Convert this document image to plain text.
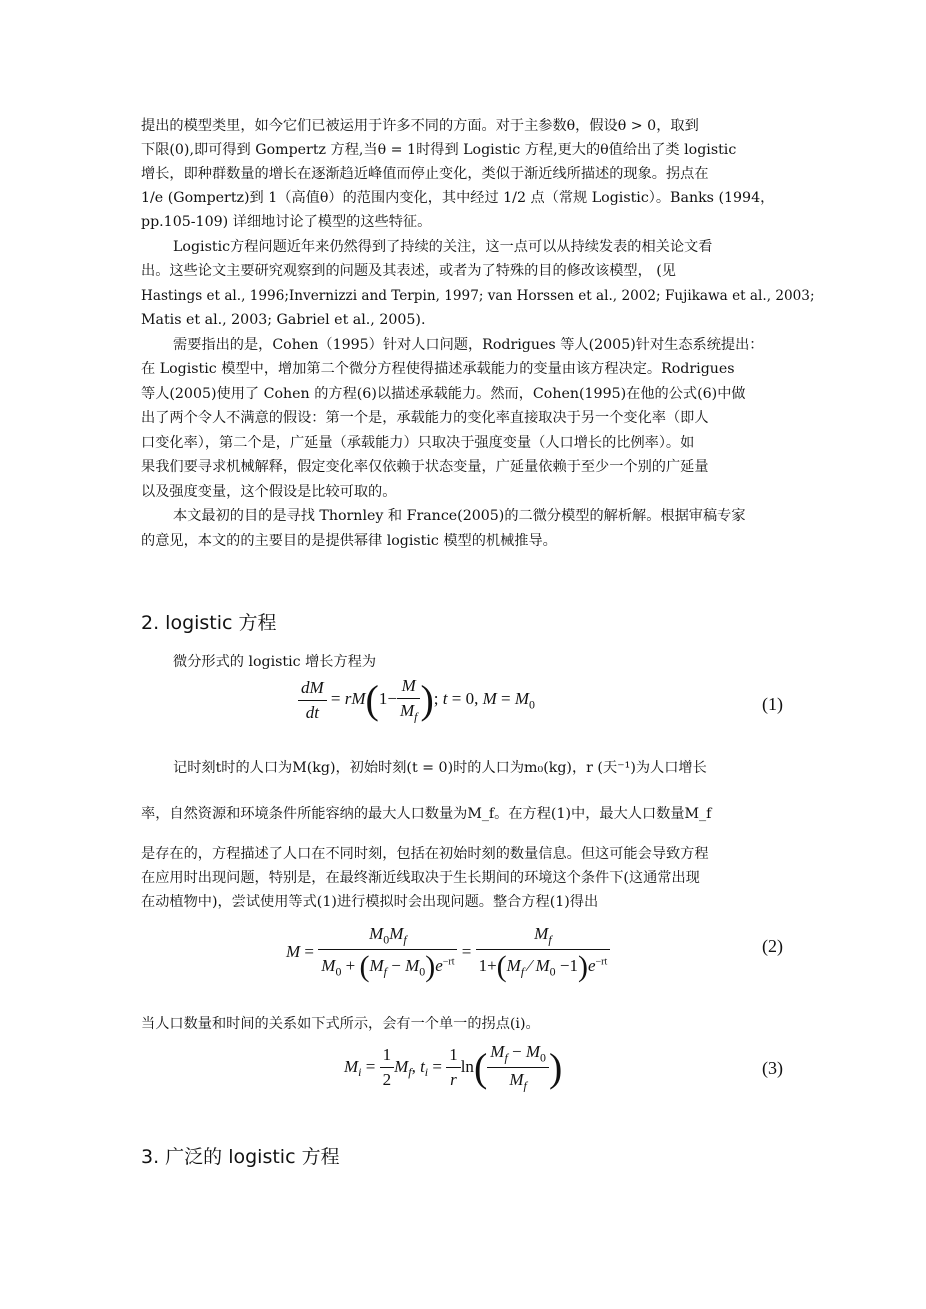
提出的模型类里，如今它们已被运用于许多不同的方面。对于主参数θ，假设θ > 0，取到

下限(0),即可得到 Gompertz 方程,当θ = 1时得到 Logistic 方程,更大的θ值给出了类 logistic

增长，即种群数量的增长在逐渐趋近峰值而停止变化，类似于渐近线所描述的现象。拐点在

1/e (Gompertz)到 1（高值θ）的范围内变化，其中经过 1/2 点（常规 Logistic）。Banks (1994，

pp.105-109) 详细地讨论了模型的这些特征。

Logistic方程问题近年来仍然得到了持续的关注，这一点可以从持续发表的相关论文看

出。这些论文主要研究观察到的问题及其表述，或者为了特殊的目的修改该模型， (见

Hastings et al., 1996;Invernizzi and Terpin, 1997; van Horssen et al., 2002; Fujikawa et al., 2003;

Matis et al., 2003; Gabriel et al., 2005).

需要指出的是，Cohen（1995）针对人口问题，Rodrigues 等人(2005)针对生态系统提出：

在 Logistic 模型中，增加第二个微分方程使得描述承载能力的变量由该方程决定。Rodrigues

等人(2005)使用了 Cohen 的方程(6)以描述承载能力。然而，Cohen(1995)在他的公式(6)中做

出了两个令人不满意的假设：第一个是，承载能力的变化率直接取决于另一个变化率（即人

口变化率），第二个是，广延量（承载能力）只取决于强度变量（人口增长的比例率）。如

果我们要寻求机械解释，假定变化率仅依赖于状态变量，广延量依赖于至少一个别的广延量

以及强度变量，这个假设是比较可取的。

本文最初的目的是寻找 Thornley 和 France(2005)的二微分模型的解析解。根据审稿专家

的意见，本文的的主要目的是提供幂律 logistic 模型的机械推导。

2. logistic 方程

微分形式的 logistic 增长方程为

$\frac{dM}{dt} = rM(1- \frac{M}{M_f}$ ); t = 0, $M = M_0$	(1)

记时刻t时的人口为M(kg)，初始时刻(t = 0)时的人口为m₀(kg)，r (天⁻¹)为人口增长

率，自然资源和环境条件所能容纳的最大人口数量为M_f。在方程(1)中，最大人口数量M_f

是存在的，方程描述了人口在不同时刻，包括在初始时刻的数量信息。但这可能会导致方程

在应用时出现问题，特别是，在最终渐近线取决于生长期间的环境这个条件下(这通常出现

在动植物中)，尝试使用等式(1)进行模拟时会出现问题。整合方程(1)得出

$M = \frac{M_0M_f}{M_0 + (M_f - M_0)e^{-rt}} = \frac{M_f}{1+(M_f ⁄ M_0 -1)e^{-rt}}$	(2)

当人口数量和时间的关系如下式所示，会有一个单一的拐点(i)。

$M_i = \frac{1}{2} M_f$, $t_i = \frac{1}{r} \ln( \frac{M_f - M_0}{M_f}$ )	(3)
3. 广泛的 logistic 方程
